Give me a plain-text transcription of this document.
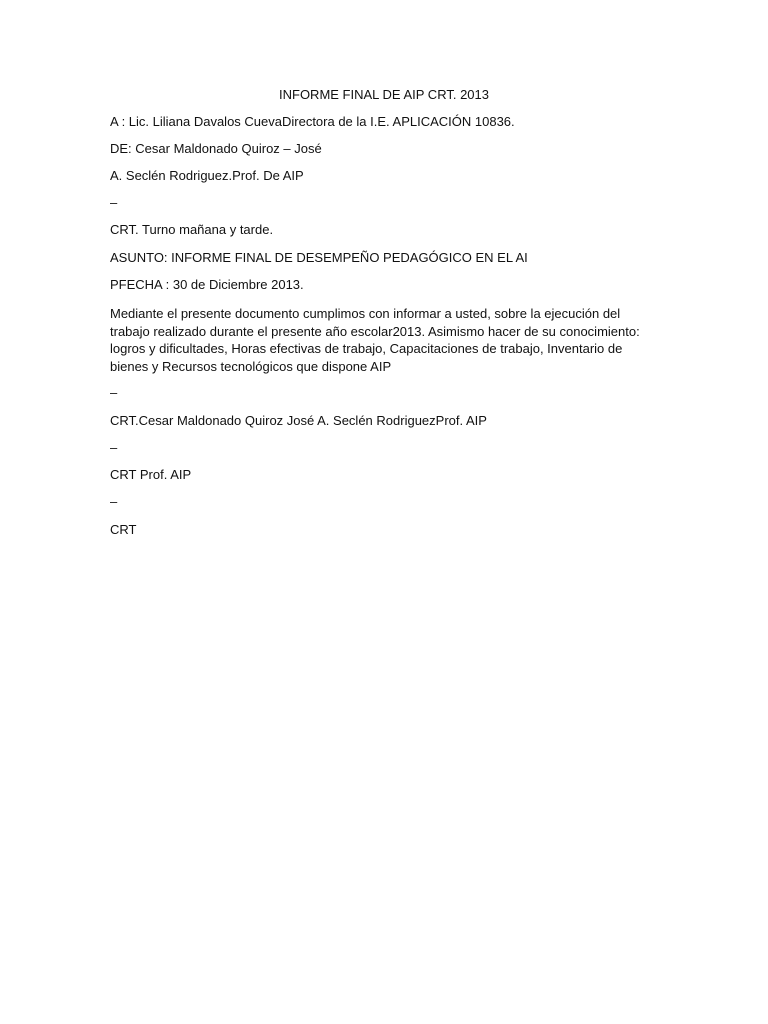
INFORME FINAL DE AIP CRT. 2013
A : Lic. Liliana Davalos CuevaDirectora de la I.E. APLICACIÓN 10836.
DE: Cesar Maldonado Quiroz – José
A. Seclén Rodriguez.Prof. De AIP
–
CRT. Turno mañana y tarde.
ASUNTO: INFORME FINAL DE DESEMPEÑO PEDAGÓGICO EN EL AI
PFECHA : 30 de Diciembre 2013.
Mediante el presente documento cumplimos con informar a usted, sobre la ejecución del
trabajo realizado durante el presente año escolar2013. Asimismo hacer de su conocimiento:
logros y dificultades, Horas efectivas de trabajo, Capacitaciones de trabajo, Inventario de
bienes y Recursos tecnológicos que dispone AIP
–
CRT.Cesar Maldonado Quiroz José A. Seclén RodriguezProf. AIP
–
CRT Prof. AIP
–
CRT
